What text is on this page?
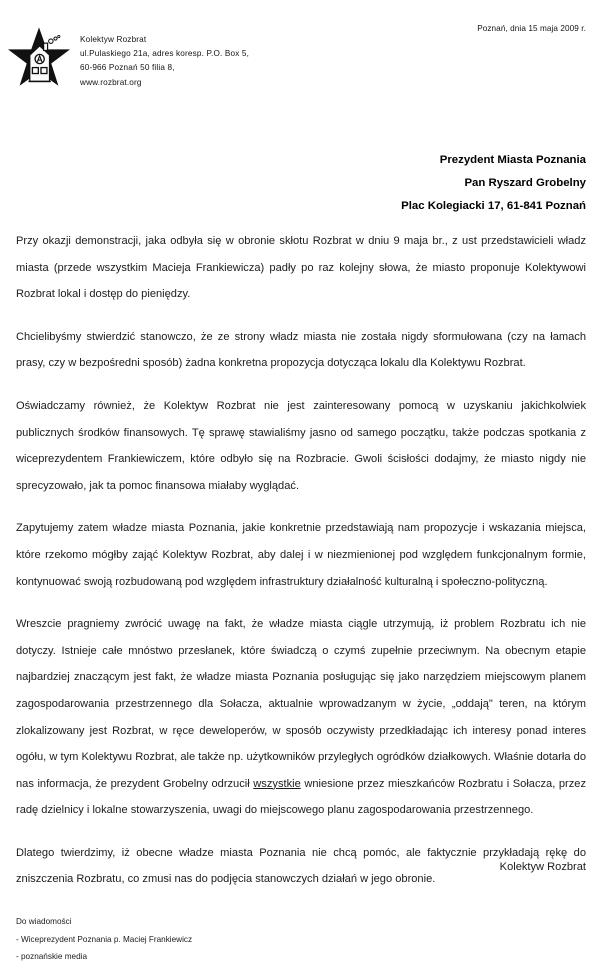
Kolektyw Rozbrat
ul.Pulaskiego 21a, adres koresp. P.O. Box 5,
60-966 Poznań 50 filia 8,
www.rozbrat.org
Poznań, dnia 15 maja 2009 r.
Prezydent Miasta Poznania
Pan Ryszard Grobelny
Plac Kolegiacki 17, 61-841 Poznań

Przy okazji demonstracji, jaka odbyła się w obronie skłotu Rozbrat w dniu 9 maja br., z ust przedstawicieli władz miasta (przede wszystkim Macieja Frankiewicza) padły po raz kolejny słowa, że miasto proponuje Kolektywowi Rozbrat lokal i dostęp do pieniędzy.

Chcielibyśmy stwierdzić stanowczo, że ze strony władz miasta nie została nigdy sformułowana (czy na łamach prasy, czy w bezpośredni sposób) żadna konkretna propozycja dotycząca lokalu dla Kolektywu Rozbrat.

Oświadczamy również, że Kolektyw Rozbrat nie jest zainteresowany pomocą w uzyskaniu jakichkolwiek publicznych środków finansowych. Tę sprawę stawialiśmy jasno od samego początku, także podczas spotkania z wiceprezydentem Frankiewiczem, które odbyło się na Rozbracie. Gwoli ścisłości dodajmy, że miasto nigdy nie sprecyzowało, jak ta pomoc finansowa miałaby wyglądać.

Zapytujemy zatem władze miasta Poznania, jakie konkretnie przedstawiają nam propozycje i wskazania miejsca, które rzekomo mógłby zająć Kolektyw Rozbrat, aby dalej i w niezmienionej pod względem funkcjonalnym formie, kontynuować swoją rozbudowaną pod względem infrastruktury działalność kulturalną i społeczno-polityczną.

Wreszcie pragniemy zwrócić uwagę na fakt, że władze miasta ciągle utrzymują, iż problem Rozbratu ich nie dotyczy. Istnieje całe mnóstwo przesłanek, które świadczą o czymś zupełnie przeciwnym. Na obecnym etapie najbardziej znaczącym jest fakt, że władze miasta Poznania posługując się jako narzędziem miejscowym planem zagospodarowania przestrzennego dla Sołacza, aktualnie wprowadzanym w życie, „oddają" teren, na którym zlokalizowany jest Rozbrat, w ręce deweloperów, w sposób oczywisty przedkładając ich interesy ponad interes ogółu, w tym Kolektywu Rozbrat, ale także np. użytkowników przyległych ogródków działkowych. Właśnie dotarła do nas informacja, że prezydent Grobelny odrzucił wszystkie wniesione przez mieszkańców Rozbratu i Sołacza, przez radę dzielnicy i lokalne stowarzyszenia, uwagi do miejscowego planu zagospodarowania przestrzennego.

Dlatego twierdzimy, iż obecne władze miasta Poznania nie chcą pomóc, ale faktycznie przykładają rękę do zniszczenia Rozbratu, co zmusi nas do podjęcia stanowczych działań w jego obronie.

Kolektyw Rozbrat
Do wiadomości
- Wiceprezydent Poznania p. Maciej Frankiewicz
- poznańskie media
